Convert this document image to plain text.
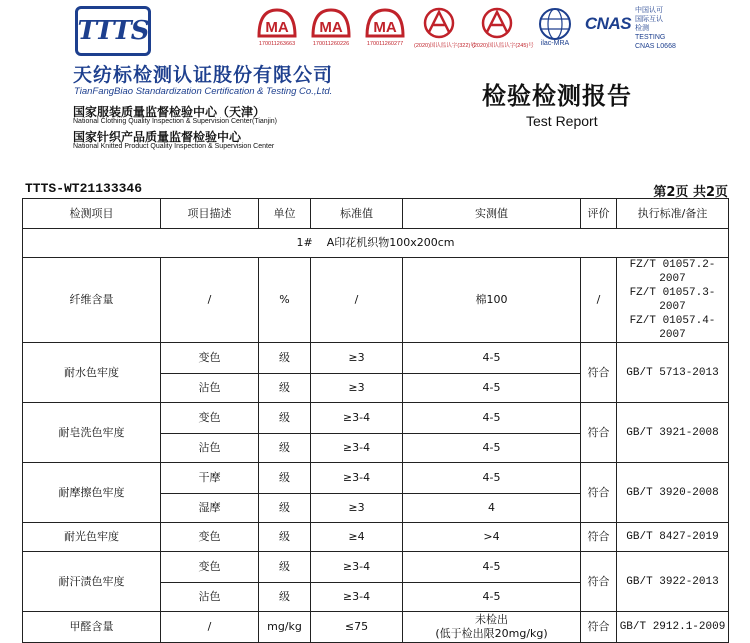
TTTS	MA
170011263663
MA
170011260226
MA
170011260277	(2020)国认监认字(322)号
(2020)国认监认字(245)号 ilac-MRA
CNAS
中国认可
国际互认
检测
TESTING
CNAS L0668
天纺标检测认证股份有限公司
TianFangBiao Standardization Certification & Testing Co.,Ltd.
国家服装质量监督检验中心（天津）
National Clothing Quality Inspection & Supervision Center(Tianjin)
国家针织产品质量监督检验中心
National Knitted Product Quality Inspection & Supervision Center
检验检测报告
Test Report
TTTS-WT21133346	第2页 共2页
检测项目	项目描述	单位	标准值	实测值	评价	执行标准/备注
1#    A印花机织物100x200cm						
纤维含量	/	%	/	棉100	/	FZ/T 01057.2-2007
FZ/T 01057.3-2007
FZ/T 01057.4-2007

耐水色牢度	变色	级	≥3	4-5	符合	GB/T 5713-2013
	沾色	级	≥3	4-5		
耐皂洗色牢度	变色	级	≥3-4	4-5	符合	GB/T 3921-2008
	沾色	级	≥3-4	4-5		
耐摩擦色牢度	干摩	级	≥3-4	4-5	符合	GB/T 3920-2008
	湿摩	级	≥3	4		
耐光色牢度	变色	级	≥4	>4	符合	GB/T 8427-2019
耐汗渍色牢度	变色	级	≥3-4	4-5	符合	GB/T 3922-2013
	沾色	级	≥3-4	4-5		
甲醛含量	/	mg/kg	≤75	未检出
(低于检出限20mg/kg)	符合	GB/T 2912.1-2009
